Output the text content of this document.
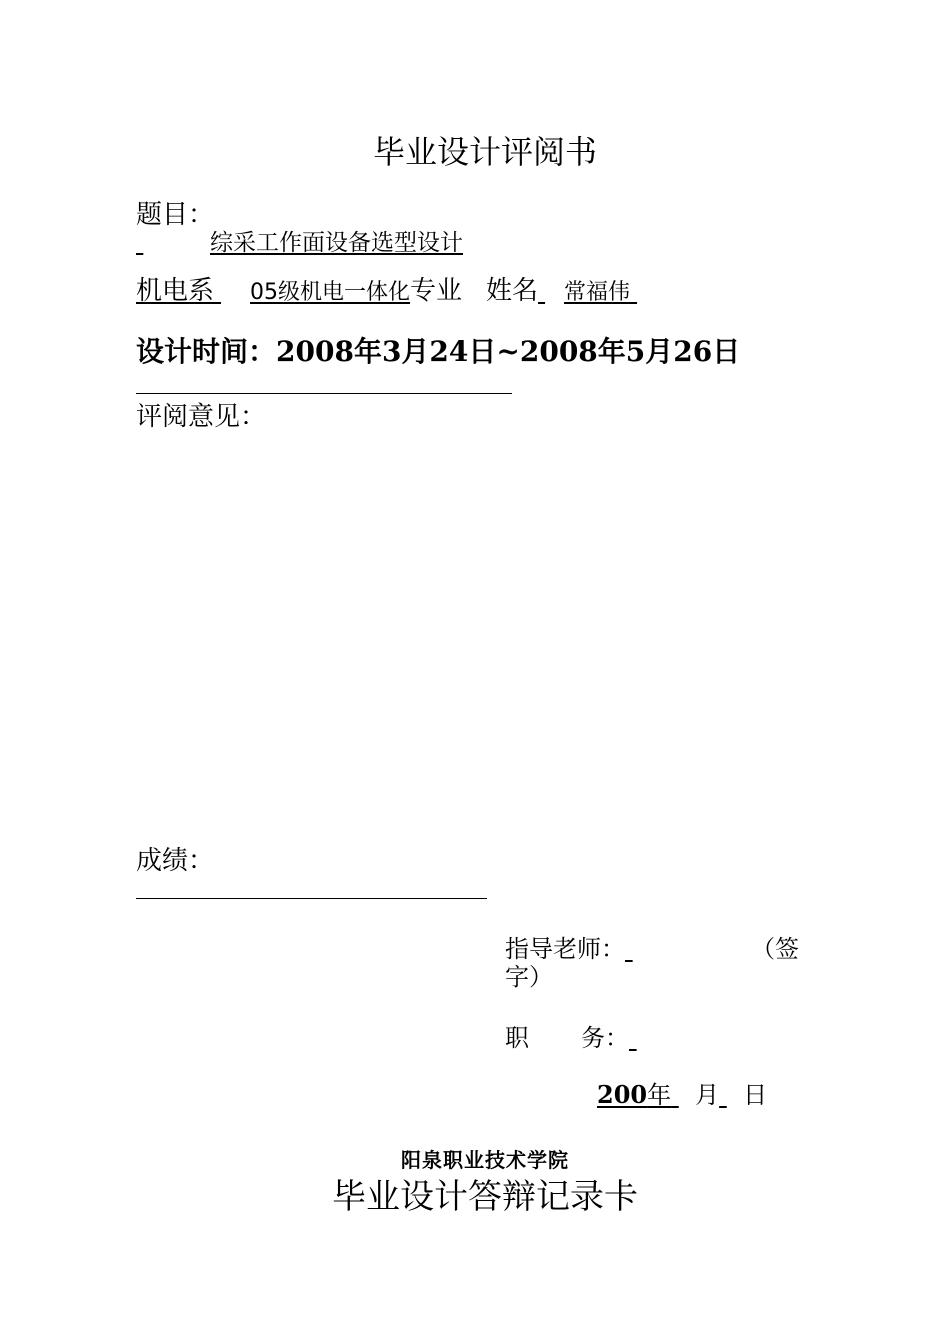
毕业设计评阅书
题目：
综采工作面设备选型设计
机电系 05级机电一体化专业 姓名 常福伟
设计时间：2008年3月24日~2008年5月26日
评阅意见：
成绩：
指导老师：	（签
字）
职 务：
200年 月 日
阳泉职业技术学院
毕业设计答辩记录卡
